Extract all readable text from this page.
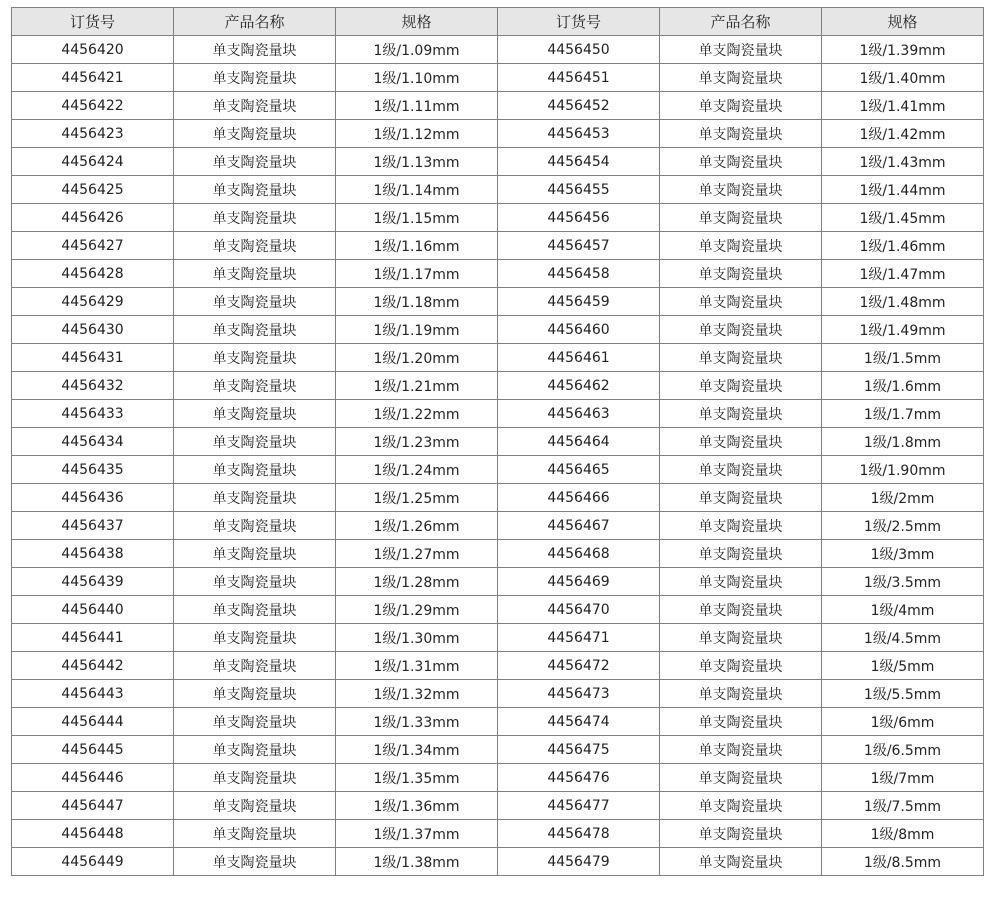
订货号	产品名称	规格	订货号	产品名称	规格
4456420	单支陶瓷量块	1级/1.09mm	4456450	单支陶瓷量块	1级/1.39mm
4456421	单支陶瓷量块	1级/1.10mm	4456451	单支陶瓷量块	1级/1.40mm
4456422	单支陶瓷量块	1级/1.11mm	4456452	单支陶瓷量块	1级/1.41mm
4456423	单支陶瓷量块	1级/1.12mm	4456453	单支陶瓷量块	1级/1.42mm
4456424	单支陶瓷量块	1级/1.13mm	4456454	单支陶瓷量块	1级/1.43mm
4456425	单支陶瓷量块	1级/1.14mm	4456455	单支陶瓷量块	1级/1.44mm
4456426	单支陶瓷量块	1级/1.15mm	4456456	单支陶瓷量块	1级/1.45mm
4456427	单支陶瓷量块	1级/1.16mm	4456457	单支陶瓷量块	1级/1.46mm
4456428	单支陶瓷量块	1级/1.17mm	4456458	单支陶瓷量块	1级/1.47mm
4456429	单支陶瓷量块	1级/1.18mm	4456459	单支陶瓷量块	1级/1.48mm
4456430	单支陶瓷量块	1级/1.19mm	4456460	单支陶瓷量块	1级/1.49mm
4456431	单支陶瓷量块	1级/1.20mm	4456461	单支陶瓷量块	1级/1.5mm
4456432	单支陶瓷量块	1级/1.21mm	4456462	单支陶瓷量块	1级/1.6mm
4456433	单支陶瓷量块	1级/1.22mm	4456463	单支陶瓷量块	1级/1.7mm
4456434	单支陶瓷量块	1级/1.23mm	4456464	单支陶瓷量块	1级/1.8mm
4456435	单支陶瓷量块	1级/1.24mm	4456465	单支陶瓷量块	1级/1.90mm
4456436	单支陶瓷量块	1级/1.25mm	4456466	单支陶瓷量块	1级/2mm
4456437	单支陶瓷量块	1级/1.26mm	4456467	单支陶瓷量块	1级/2.5mm
4456438	单支陶瓷量块	1级/1.27mm	4456468	单支陶瓷量块	1级/3mm
4456439	单支陶瓷量块	1级/1.28mm	4456469	单支陶瓷量块	1级/3.5mm
4456440	单支陶瓷量块	1级/1.29mm	4456470	单支陶瓷量块	1级/4mm
4456441	单支陶瓷量块	1级/1.30mm	4456471	单支陶瓷量块	1级/4.5mm
4456442	单支陶瓷量块	1级/1.31mm	4456472	单支陶瓷量块	1级/5mm
4456443	单支陶瓷量块	1级/1.32mm	4456473	单支陶瓷量块	1级/5.5mm
4456444	单支陶瓷量块	1级/1.33mm	4456474	单支陶瓷量块	1级/6mm
4456445	单支陶瓷量块	1级/1.34mm	4456475	单支陶瓷量块	1级/6.5mm
4456446	单支陶瓷量块	1级/1.35mm	4456476	单支陶瓷量块	1级/7mm
4456447	单支陶瓷量块	1级/1.36mm	4456477	单支陶瓷量块	1级/7.5mm
4456448	单支陶瓷量块	1级/1.37mm	4456478	单支陶瓷量块	1级/8mm
4456449	单支陶瓷量块	1级/1.38mm	4456479	单支陶瓷量块	1级/8.5mm
